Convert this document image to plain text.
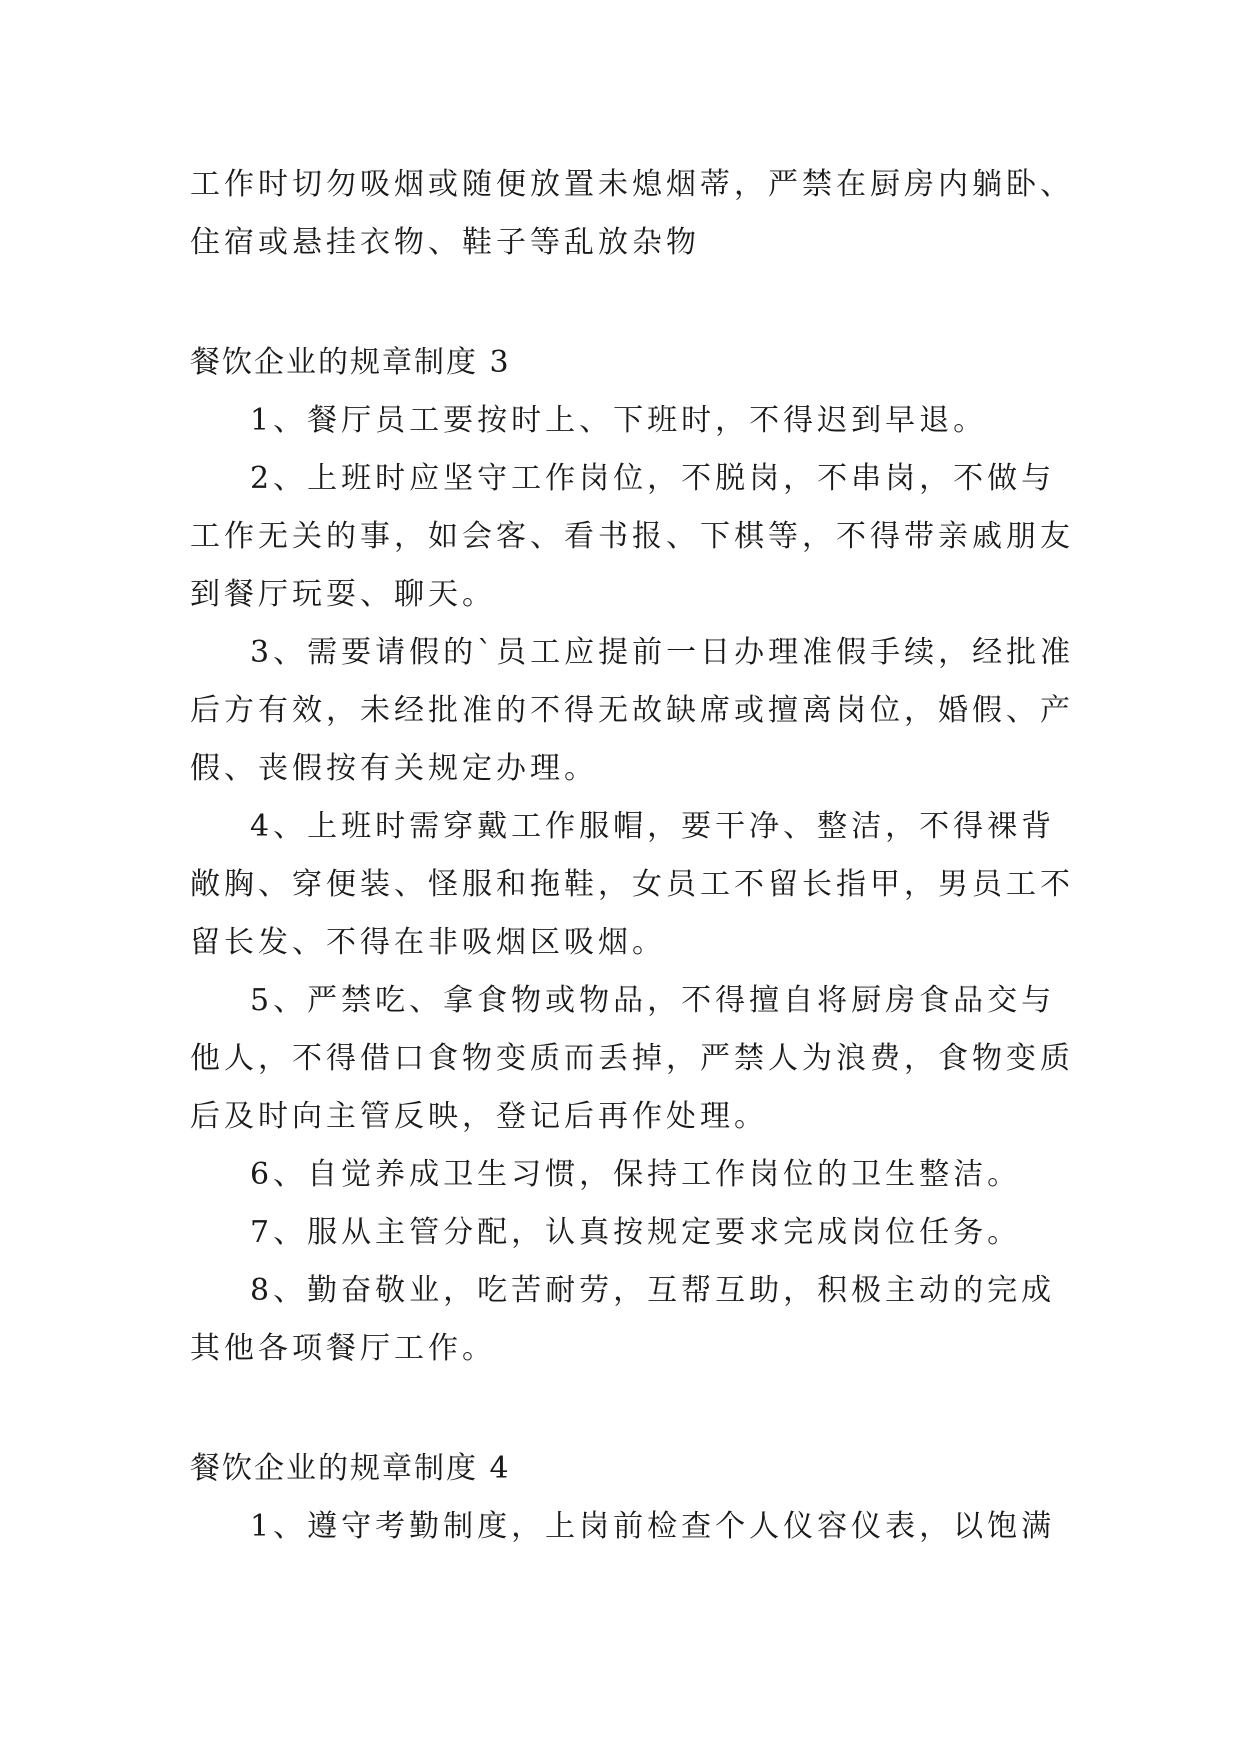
工作时切勿吸烟或随便放置未熄烟蒂，严禁在厨房内躺卧、
住宿或悬挂衣物、鞋子等乱放杂物
餐饮企业的规章制度 3
1、餐厅员工要按时上、下班时，不得迟到早退。
2、上班时应坚守工作岗位，不脱岗，不串岗，不做与
工作无关的事，如会客、看书报、下棋等，不得带亲戚朋友
到餐厅玩耍、聊天。
3、需要请假的`员工应提前一日办理准假手续，经批准
后方有效，未经批准的不得无故缺席或擅离岗位，婚假、产
假、丧假按有关规定办理。
4、上班时需穿戴工作服帽，要干净、整洁，不得裸背
敞胸、穿便装、怪服和拖鞋，女员工不留长指甲，男员工不
留长发、不得在非吸烟区吸烟。
5、严禁吃、拿食物或物品，不得擅自将厨房食品交与
他人，不得借口食物变质而丢掉，严禁人为浪费，食物变质
后及时向主管反映，登记后再作处理。
6、自觉养成卫生习惯，保持工作岗位的卫生整洁。
7、服从主管分配，认真按规定要求完成岗位任务。
8、勤奋敬业，吃苦耐劳，互帮互助，积极主动的完成
其他各项餐厅工作。
餐饮企业的规章制度 4
1、遵守考勤制度，上岗前检查个人仪容仪表，以饱满
